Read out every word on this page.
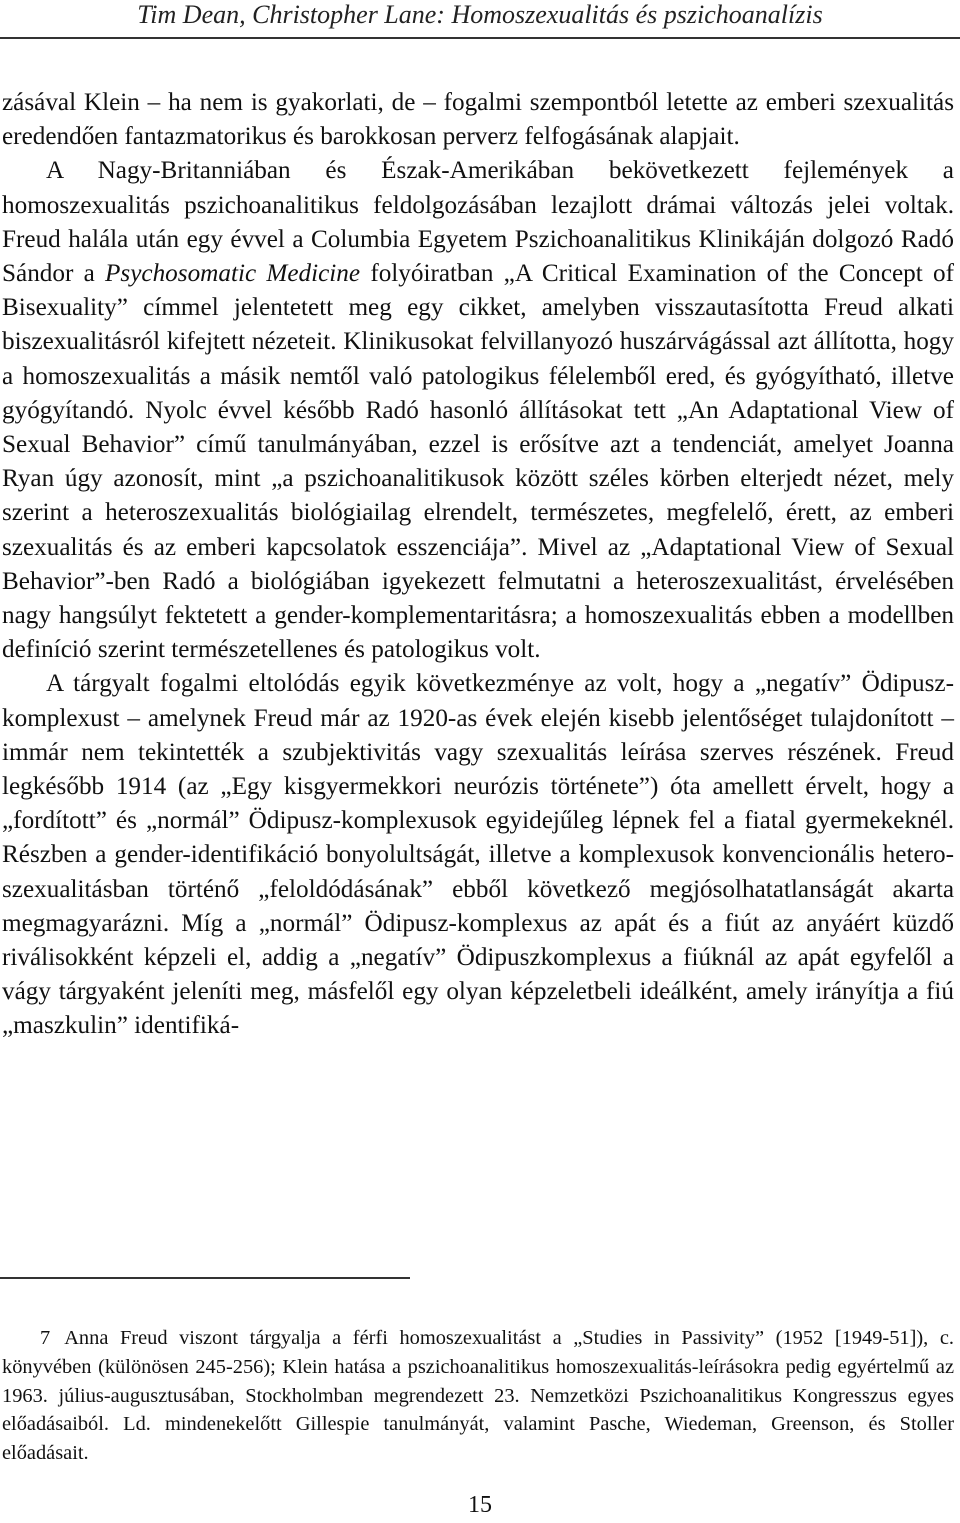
Tim Dean, Christopher Lane: Homoszexualitás és pszichoanalízis

zásával Klein – ha nem is gyakorlati, de – fogalmi szempontból letette az emberi szexualitás eredendően fantazmatorikus és barokkosan perverz felfogásának alapjait.

A Nagy-Britanniában és Észak-Amerikában bekövetkezett fejlemények a homoszexualitás pszichoanalitikus feldolgozásában lezajlott drámai változás jelei voltak. Freud halála után egy évvel a Columbia Egyetem Pszichoanalitikus Klinikáján dolgozó Radó Sándor a Psychosomatic Medicine folyóiratban „A Critical Examination of the Concept of Bisexuality” címmel jelentetett meg egy cikket, amelyben visszautasította Freud alkati biszexualitásról kifejtett nézeteit. Klinikusokat felvillanyozó huszárvágással azt állította, hogy a homoszexualitás a másik nemtől való patologikus félelemből ered, és gyógyítható, illetve gyógyítandó. Nyolc évvel később Radó hasonló állításokat tett „An Adaptational View of Sexual Behavior” című tanulmányában, ezzel is erősítve azt a tendenciát, amelyet Joanna Ryan úgy azonosít, mint „a pszichoanalitikusok között széles körben elterjedt nézet, mely szerint a heteroszexualitás biológiailag elrendelt, természetes, megfelelő, érett, az emberi szexualitás és az emberi kapcsolatok esszenciája”. Mivel az „Adaptational View of Sexual Behavior”-ben Radó a biológiában igyekezett felmutatni a heteroszexualitást, érvelésében nagy hangsúlyt fektetett a gender-komplementaritásra; a homoszexualitás ebben a modellben definíció szerint természetellenes és patologikus volt.

A tárgyalt fogalmi eltolódás egyik következménye az volt, hogy a „negatív” Ödipusz-komplexust – amelynek Freud már az 1920-as évek elején kisebb jelentőséget tulajdonított – immár nem tekintették a szubjektivitás vagy szexualitás leírása szerves részének. Freud legkésőbb 1914 (az „Egy kisgyermekkori neurózis története”) óta amellett érvelt, hogy a „fordított” és „normál” Ödipusz-komplexusok egyidejűleg lépnek fel a fiatal gyermekeknél. Részben a gender-identifikáció bonyolultságát, illetve a komplexusok konvencionális heteroszexualitásban történő „feloldódásának” ebből következő megjósolhatatlanságát akarta megmagyarázni. Míg a „normál” Ödipusz-komplexus az apát és a fiút az anyáért küzdő riválisokként képzeli el, addig a „negatív” Ödipuszkomplexus a fiúknál az apát egyfelől a vágy tárgyaként jeleníti meg, másfelől egy olyan képzeletbeli ideálként, amely irányítja a fiú „maszkulin” identifiká-

7 Anna Freud viszont tárgyalja a férfi homoszexualitást a „Studies in Passivity” (1952 [1949-51]), c. könyvében (különösen 245-256); Klein hatása a pszichoanalitikus homoszexualitás-leírásokra pedig egyértelmű az 1963. július-augusztusában, Stockholmban megrendezett 23. Nemzetközi Pszichoanalitikus Kongresszus egyes előadásaiból. Ld. mindenekelőtt Gillespie tanulmányát, valamint Pasche, Wiedeman, Greenson, és Stoller előadásait.

15
